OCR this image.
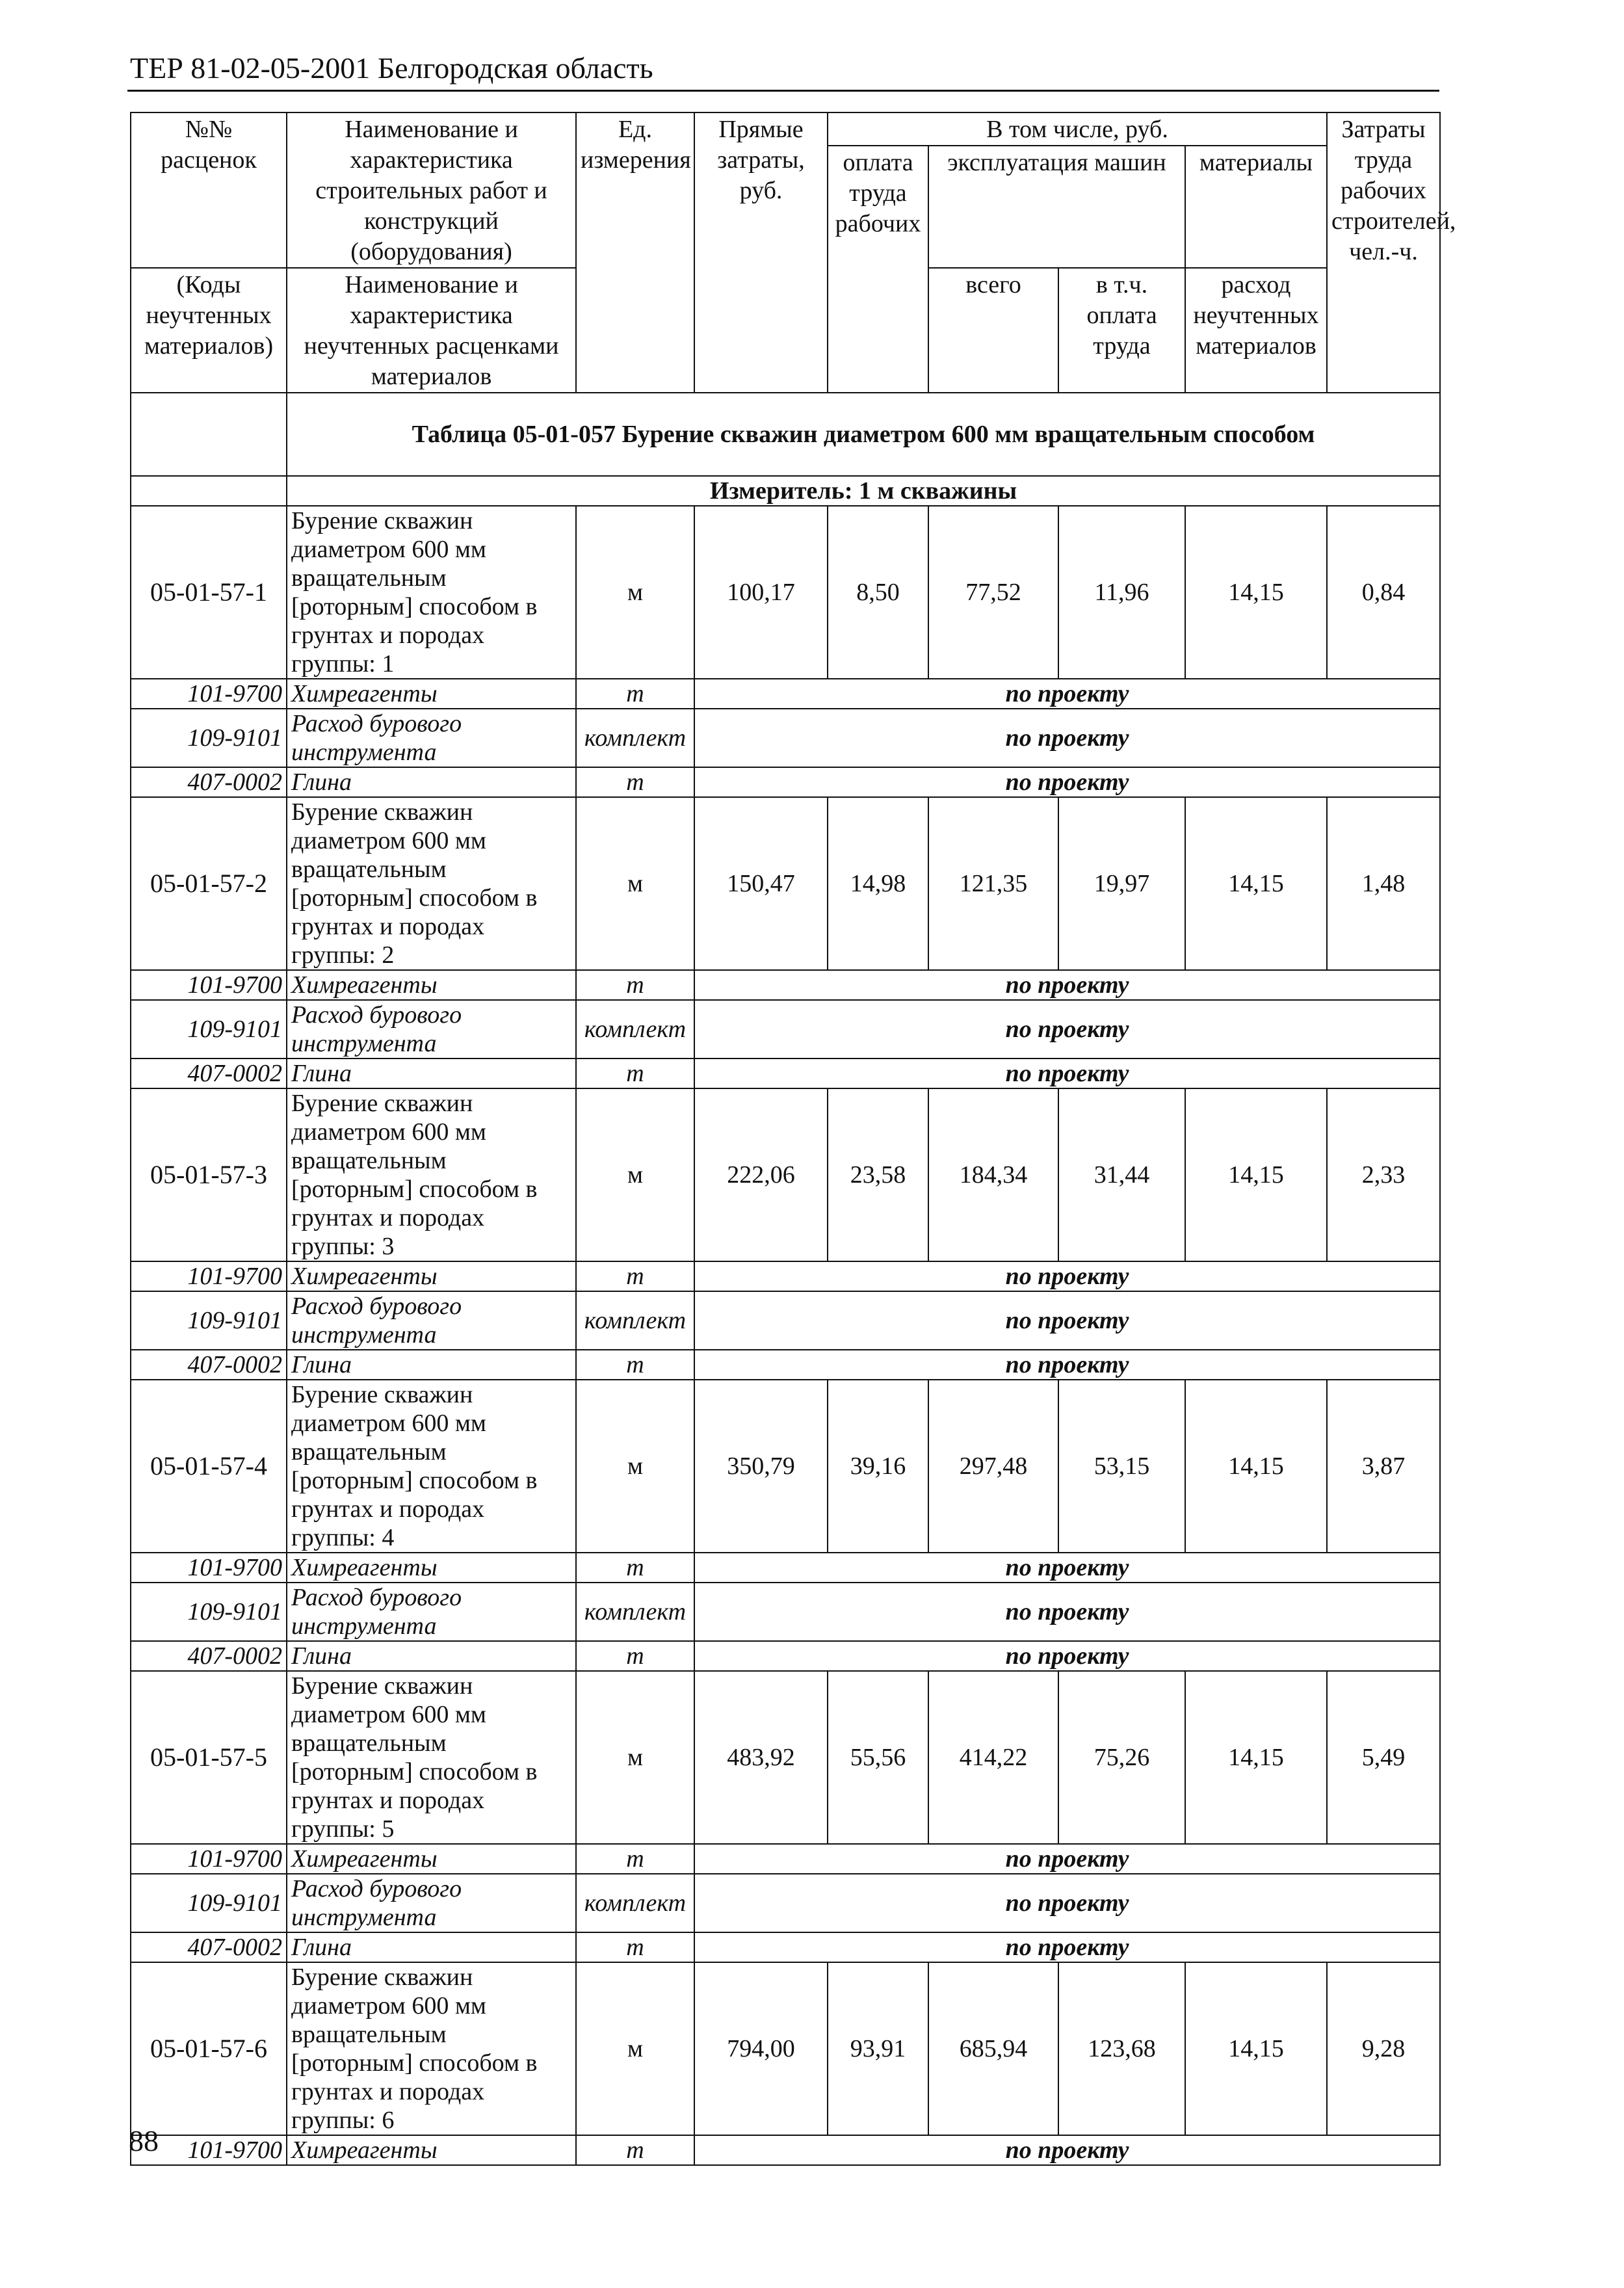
ТЕР 81-02-05-2001 Белгородская область
№№ расценок	Наименование и характеристика строительных работ и конструкций (оборудования)	Ед. измерения	Прямые затраты, руб.	В том числе, руб.				Затраты труда рабочих строителей, чел.-ч.
				оплата труда рабочих	эксплуатация машин		материалы	
(Коды неучтенных материалов)	Наименование и характеристика неучтенных расценками материалов				всего	в т.ч. оплата труда	расход неучтенных материалов	

	Таблица 05-01-057 Бурение скважин диаметром 600 мм вращательным способом							
	Измеритель: 1 м скважины							
05-01-57-1	Бурение скважин диаметром 600 мм вращательным [роторным] способом в грунтах и породах группы: 1	м	100,17	8,50	77,52	11,96	14,15	0,84
101-9700	Химреагенты	т	по проекту					
109-9101	Расход бурового инструмента	комплект	по проекту					
407-0002	Глина	т	по проекту					
05-01-57-2	Бурение скважин диаметром 600 мм вращательным [роторным] способом в грунтах и породах группы: 2	м	150,47	14,98	121,35	19,97	14,15	1,48
101-9700	Химреагенты	т	по проекту					
109-9101	Расход бурового инструмента	комплект	по проекту					
407-0002	Глина	т	по проекту					
05-01-57-3	Бурение скважин диаметром 600 мм вращательным [роторным] способом в грунтах и породах группы: 3	м	222,06	23,58	184,34	31,44	14,15	2,33
101-9700	Химреагенты	т	по проекту					
109-9101	Расход бурового инструмента	комплект	по проекту					
407-0002	Глина	т	по проекту					
05-01-57-4	Бурение скважин диаметром 600 мм вращательным [роторным] способом в грунтах и породах группы: 4	м	350,79	39,16	297,48	53,15	14,15	3,87
101-9700	Химреагенты	т	по проекту					
109-9101	Расход бурового инструмента	комплект	по проекту					
407-0002	Глина	т	по проекту					
05-01-57-5	Бурение скважин диаметром 600 мм вращательным [роторным] способом в грунтах и породах группы: 5	м	483,92	55,56	414,22	75,26	14,15	5,49
101-9700	Химреагенты	т	по проекту					
109-9101	Расход бурового инструмента	комплект	по проекту					
407-0002	Глина	т	по проекту					
05-01-57-6	Бурение скважин диаметром 600 мм вращательным [роторным] способом в грунтах и породах группы: 6	м	794,00	93,91	685,94	123,68	14,15	9,28
101-9700	Химреагенты	т	по проекту					
88
